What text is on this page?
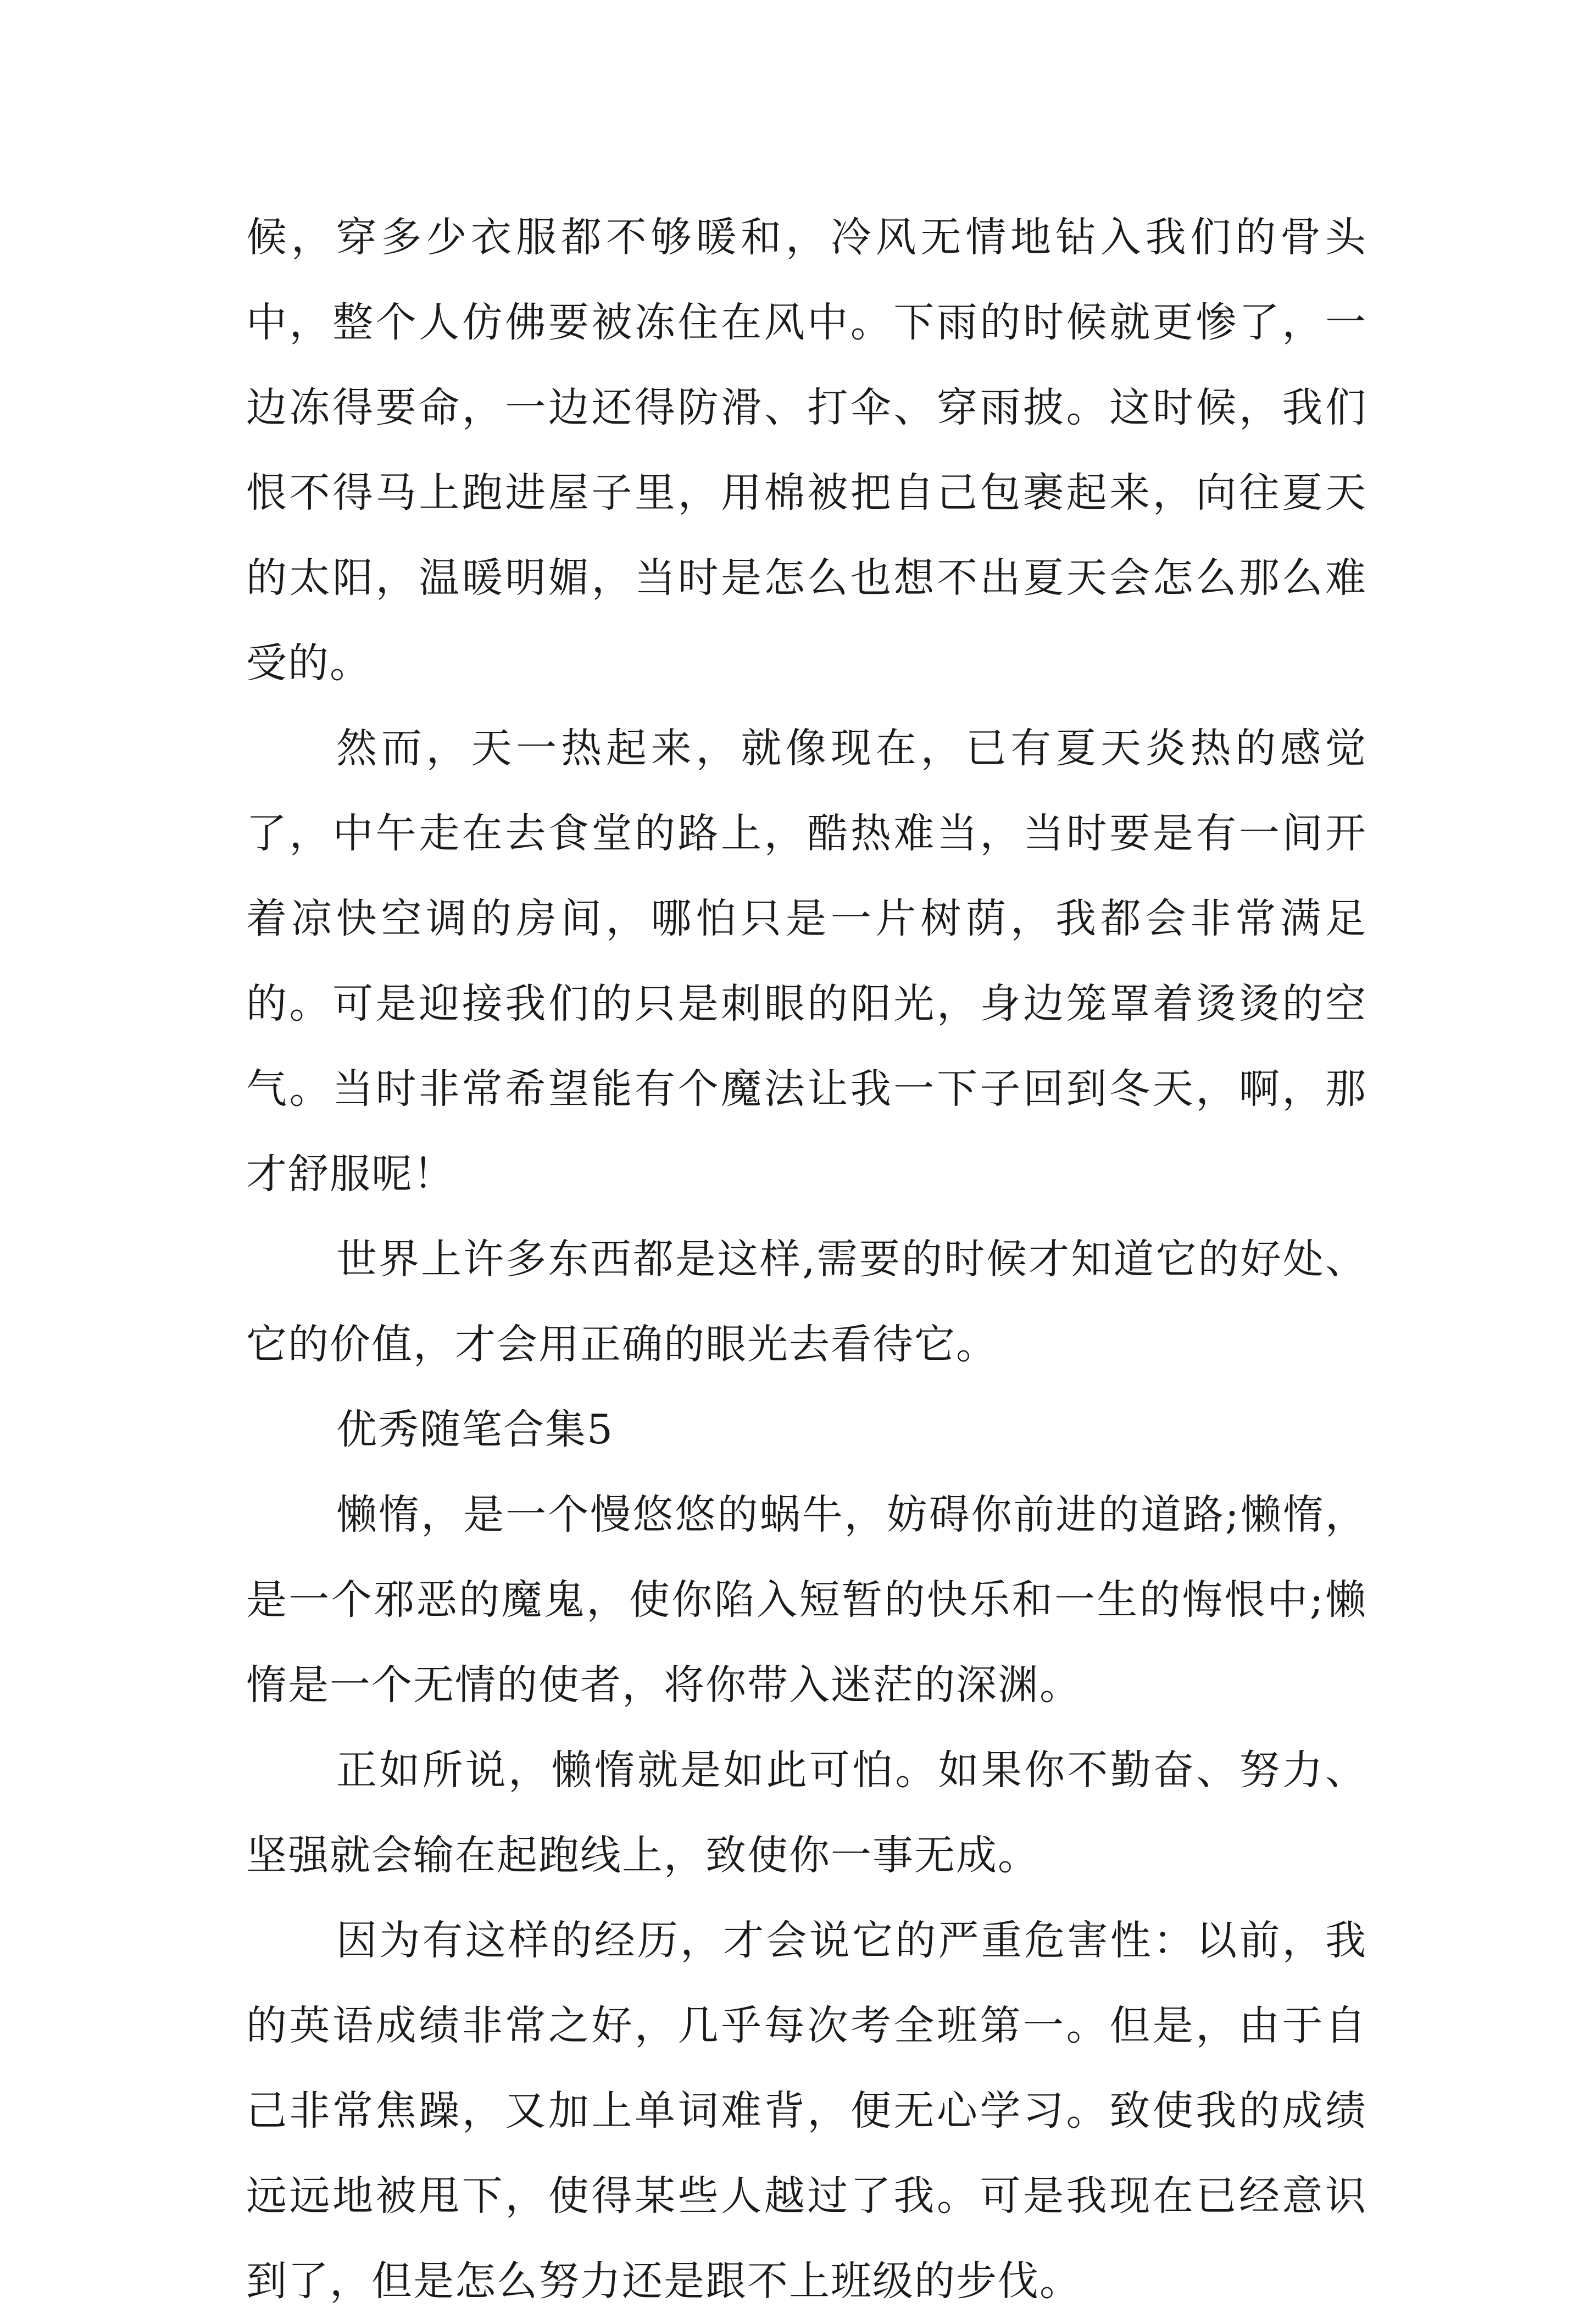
候，穿多少衣服都不够暖和，冷风无情地钻入我们的骨头中，整个人仿佛要被冻住在风中。下雨的时候就更惨了，一边冻得要命，一边还得防滑、打伞、穿雨披。这时候，我们恨不得马上跑进屋子里，用棉被把自己包裹起来，向往夏天的太阳，温暖明媚，当时是怎么也想不出夏天会怎么那么难受的。

然而，天一热起来，就像现在，已有夏天炎热的感觉了，中午走在去食堂的路上，酷热难当，当时要是有一间开着凉快空调的房间，哪怕只是一片树荫，我都会非常满足的。可是迎接我们的只是刺眼的阳光，身边笼罩着烫烫的空气。当时非常希望能有个魔法让我一下子回到冬天，啊，那才舒服呢！

世界上许多东西都是这样,需要的时候才知道它的好处、它的价值，才会用正确的眼光去看待它。

优秀随笔合集5

懒惰，是一个慢悠悠的蜗牛，妨碍你前进的道路;懒惰，是一个邪恶的魔鬼，使你陷入短暂的快乐和一生的悔恨中;懒惰是一个无情的使者，将你带入迷茫的深渊。

正如所说，懒惰就是如此可怕。如果你不勤奋、努力、坚强就会输在起跑线上，致使你一事无成。

因为有这样的经历，才会说它的严重危害性：以前，我的英语成绩非常之好，几乎每次考全班第一。但是，由于自己非常焦躁，又加上单词难背，便无心学习。致使我的成绩远远地被甩下，使得某些人越过了我。可是我现在已经意识到了，但是怎么努力还是跟不上班级的步伐。
